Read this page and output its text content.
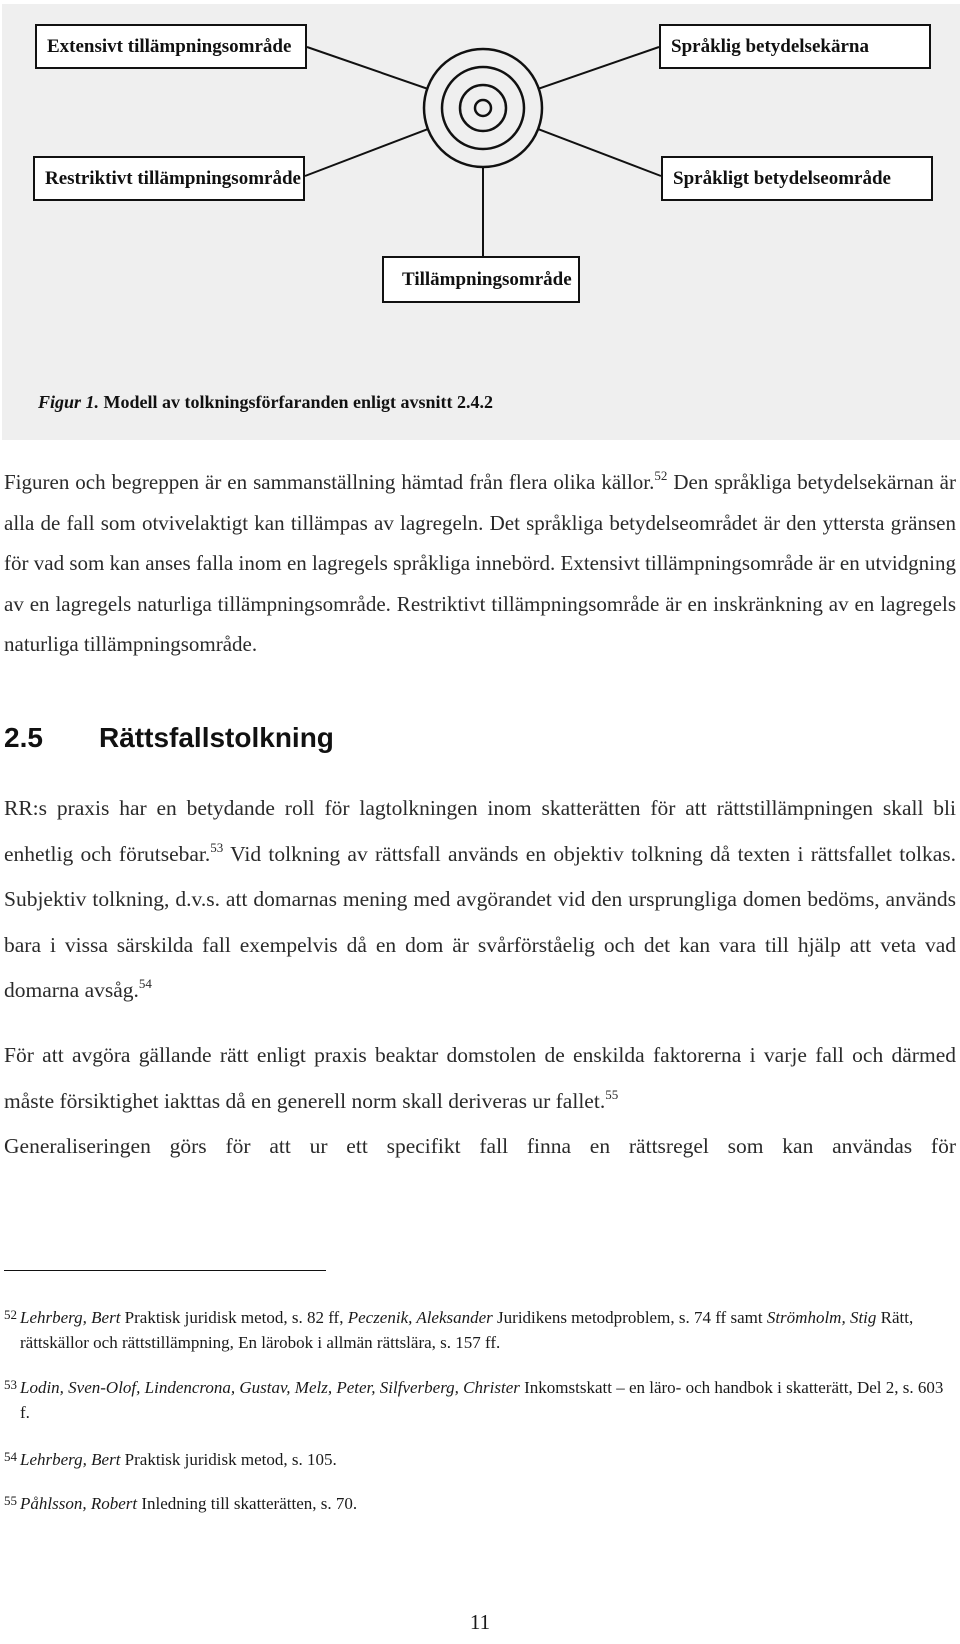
Extensivt tillämpningsområde
Restriktivt tillämpningsområde
Språklig betydelsekärna
Språkligt betydelseområde
Tillämpningsområde
Figur 1. Modell av tolkningsförfaranden enligt avsnitt 2.4.2
Figuren och begreppen är en sammanställning hämtad från flera olika källor.$^{52}$ Den språkliga betydelsekärnan är alla de fall som otvivelaktigt kan tillämpas av lagregeln. Det språkliga betydelseområdet är den yttersta gränsen för vad som kan anses falla inom en lagregels språkliga innebörd. Extensivt tillämpningsområde är en utvidgning av en lagregels naturliga tillämpningsområde. Restriktivt tillämpningsområde är en inskränkning av en lagregels naturliga tillämpningsområde.
2.5 Rättsfallstolkning
RR:s praxis har en betydande roll för lagtolkningen inom skatterätten för att rättstillämpningen skall bli enhetlig och förutsebar.$^{53}$ Vid tolkning av rättsfall används en objektiv tolkning då texten i rättsfallet tolkas. Subjektiv tolkning, d.v.s. att domarnas mening med avgörandet vid den ursprungliga domen bedöms, används bara i vissa särskilda fall exempelvis då en dom är svårförståelig och det kan vara till hjälp att veta vad domarna avsåg.$^{54}$
För att avgöra gällande rätt enligt praxis beaktar domstolen de enskilda faktorerna i varje fall och därmed måste försiktighet iakttas då en generell norm skall deriveras ur fallet.$^{55}$
Generaliseringen görs för att ur ett specifikt fall finna en rättsregel som kan användas för
52 Lehrberg, Bert Praktisk juridisk metod, s. 82 ff, Peczenik, Aleksander Juridikens metodproblem, s. 74 ff samt Strömholm, Stig Rätt, rättskällor och rättstillämpning, En lärobok i allmän rättslära, s. 157 ff.
53 Lodin, Sven-Olof, Lindencrona, Gustav, Melz, Peter, Silfverberg, Christer Inkomstskatt – en läro- och handbok i skatterätt, Del 2, s. 603 f.
54 Lehrberg, Bert Praktisk juridisk metod, s. 105.
55 Påhlsson, Robert Inledning till skatterätten, s. 70.
11
